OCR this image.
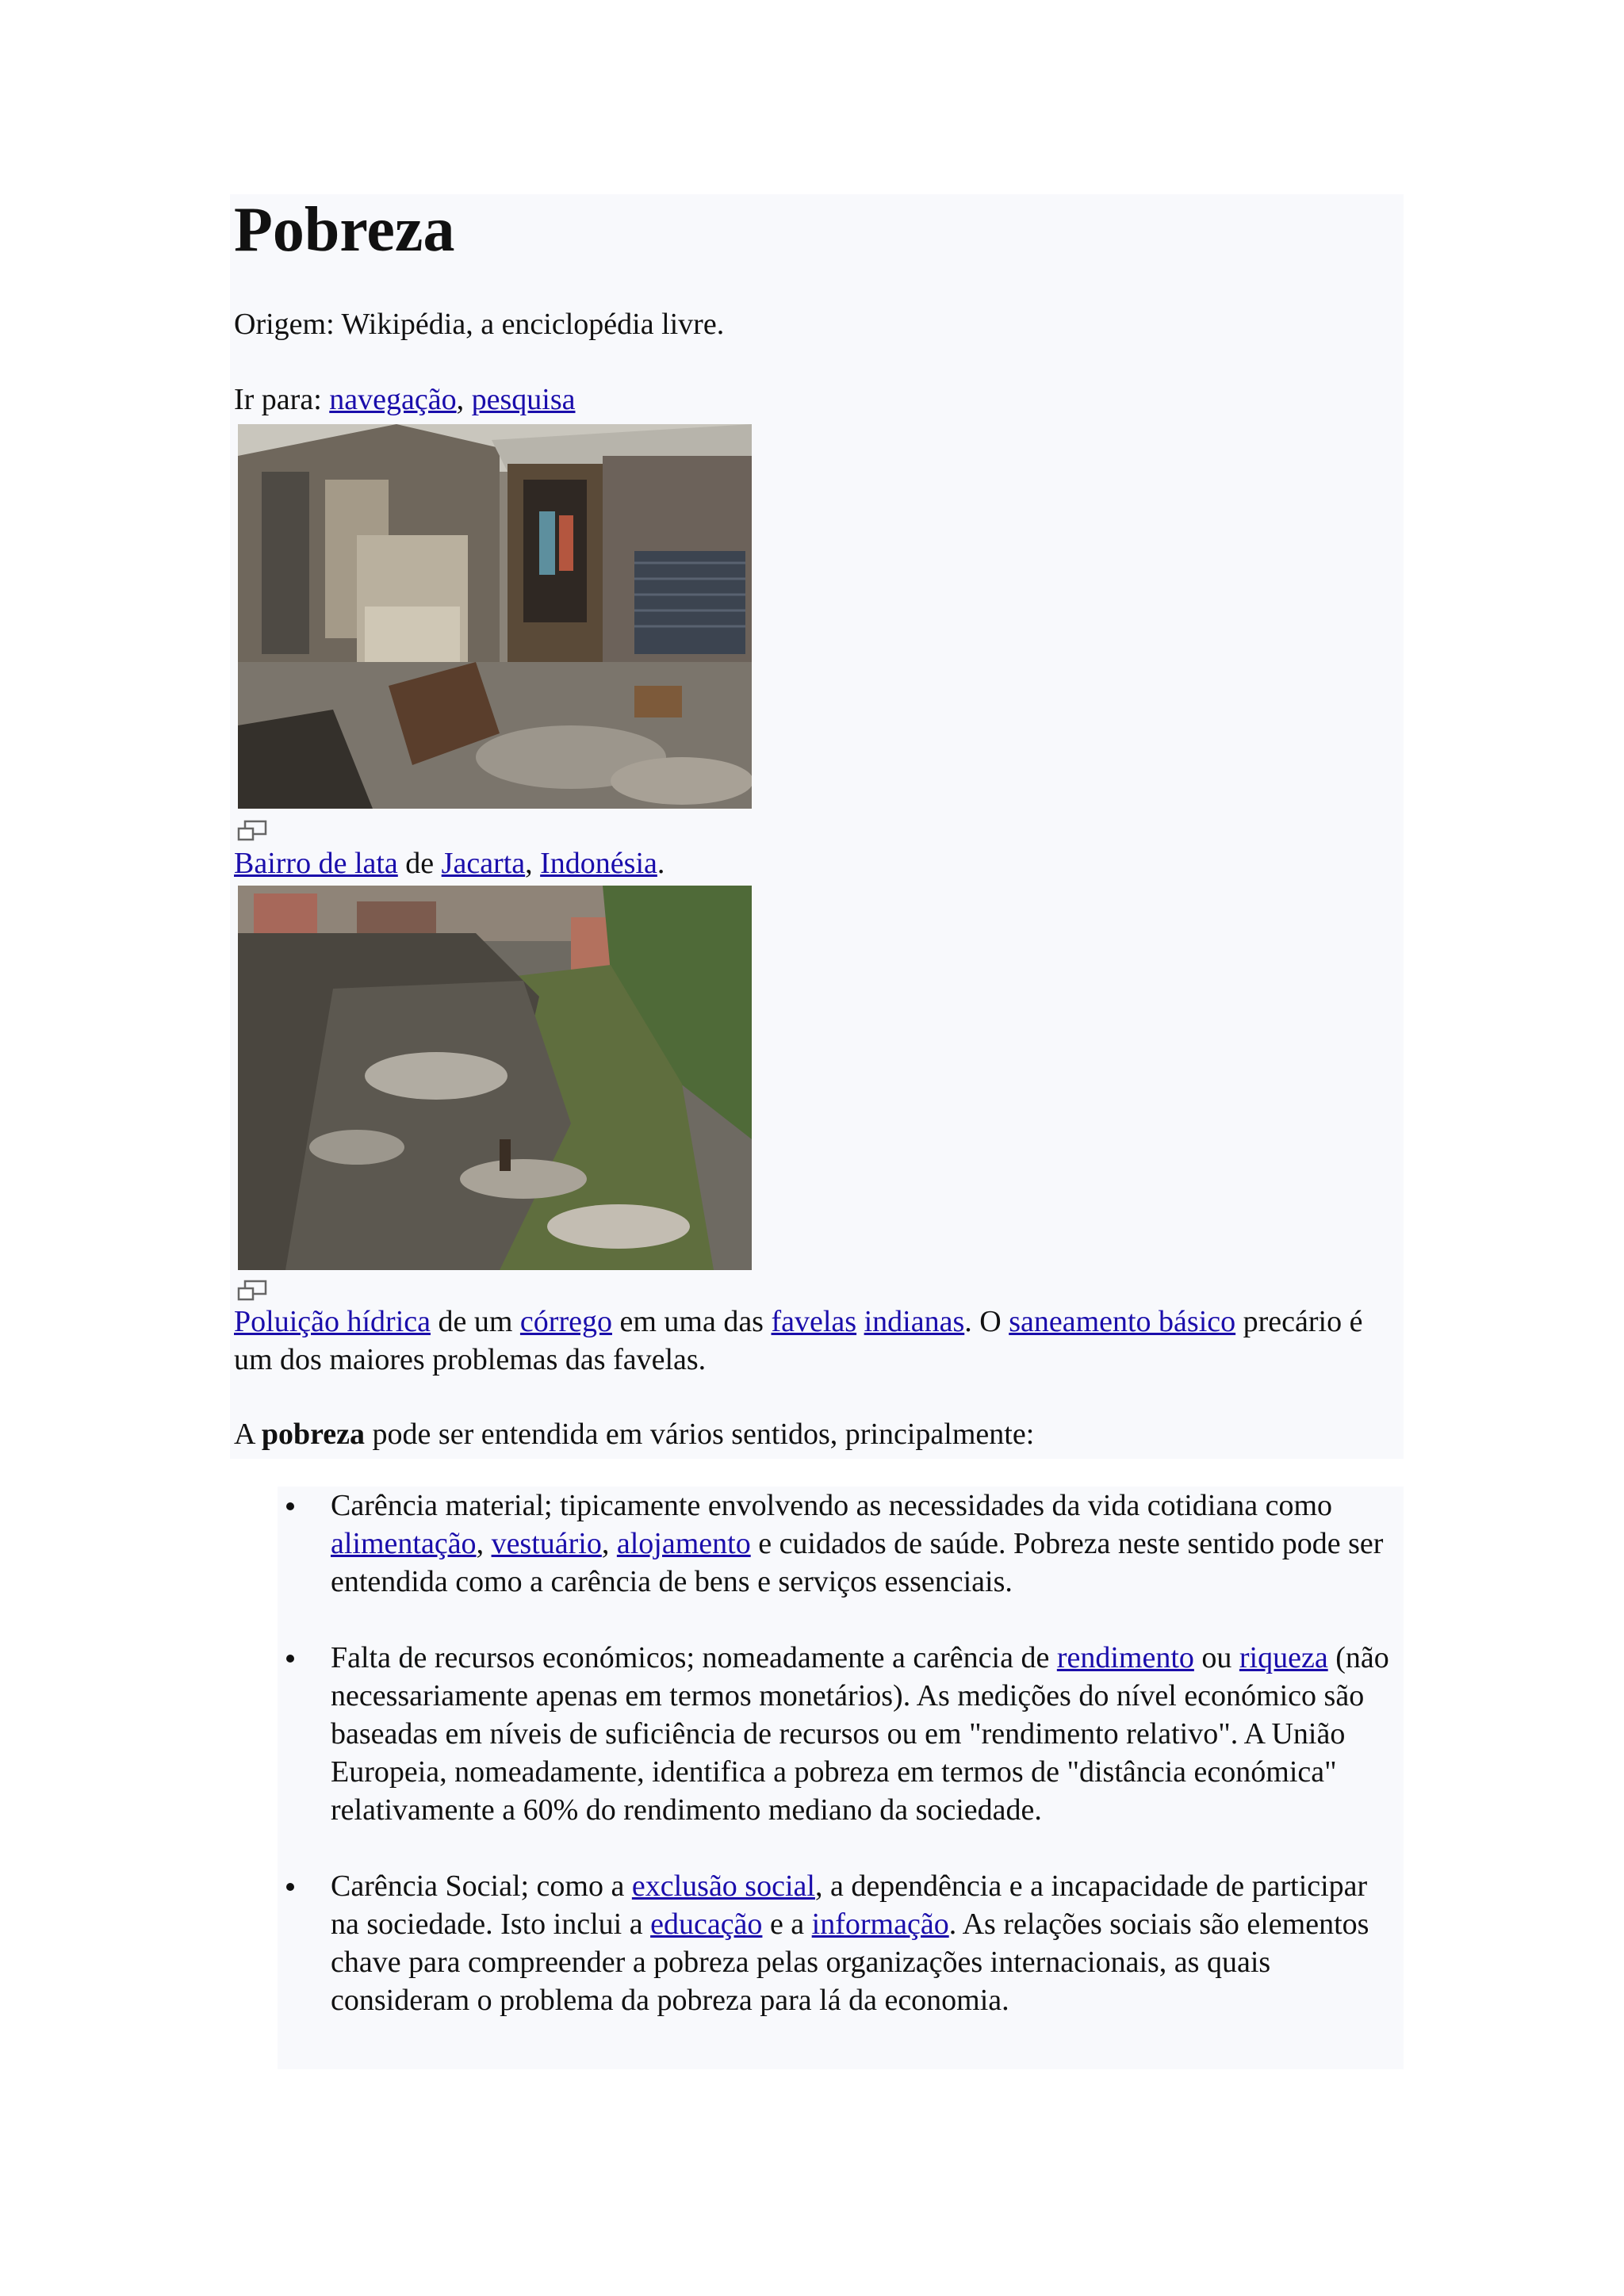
Pobreza
Origem: Wikipédia, a enciclopédia livre.
Ir para: navegação, pesquisa
Bairro de lata de Jacarta, Indonésia.
Poluição hídrica de um córrego em uma das favelas indianas. O saneamento básico precário é um dos maiores problemas das favelas.
A pobreza pode ser entendida em vários sentidos, principalmente:
Carência material; tipicamente envolvendo as necessidades da vida cotidiana como alimentação, vestuário, alojamento e cuidados de saúde. Pobreza neste sentido pode ser entendida como a carência de bens e serviços essenciais.
Falta de recursos económicos; nomeadamente a carência de rendimento ou riqueza (não necessariamente apenas em termos monetários). As medições do nível económico são baseadas em níveis de suficiência de recursos ou em "rendimento relativo". A União Europeia, nomeadamente, identifica a pobreza em termos de "distância económica" relativamente a 60% do rendimento mediano da sociedade.
Carência Social; como a exclusão social, a dependência e a incapacidade de participar na sociedade. Isto inclui a educação e a informação. As relações sociais são elementos chave para compreender a pobreza pelas organizações internacionais, as quais consideram o problema da pobreza para lá da economia.
